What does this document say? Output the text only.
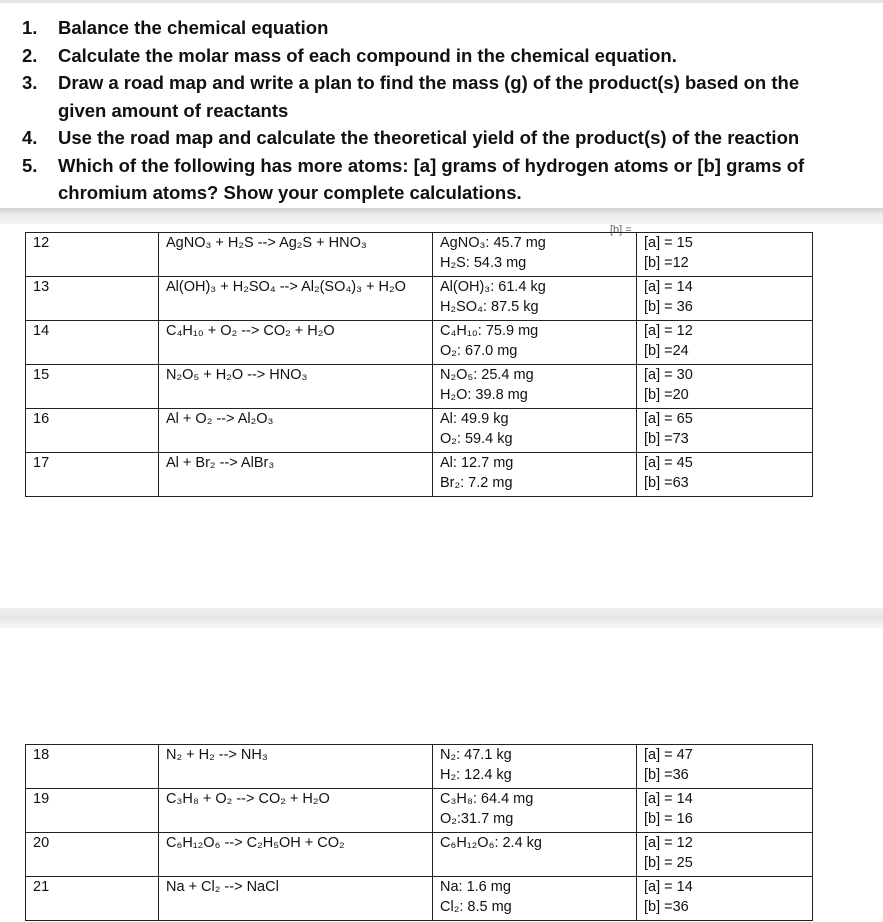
1.	Balance the chemical equation
2.	Calculate the molar mass of each compound in the chemical equation.
3.	Draw a road map and write a plan to find the mass (g) of the product(s) based on the given amount of reactants
4.	Use the road map and calculate the theoretical yield of the product(s) of the reaction
5.	Which of the following has more atoms: [a] grams of hydrogen atoms or [b] grams of chromium atoms? Show your complete calculations.
[b] =
12	AgNO₃ + H₂S --> Ag₂S + HNO₃	AgNO₃: 45.7 mg
H₂S: 54.3 mg	[a] = 15
[b] =12

13	Al(OH)₃ + H₂SO₄ --> Al₂(SO₄)₃ + H₂O	Al(OH)₃: 61.4 kg
H₂SO₄: 87.5 kg	[a] = 14
[b] = 36

14	C₄H₁₀ + O₂ --> CO₂ + H₂O	C₄H₁₀: 75.9 mg
O₂: 67.0 mg	[a] = 12
[b] =24

15	N₂O₅ + H₂O --> HNO₃	N₂O₅: 25.4 mg
H₂O: 39.8 mg	[a] = 30
[b] =20

16	Al + O₂ --> Al₂O₃	Al: 49.9 kg
O₂: 59.4 kg	[a] = 65
[b] =73

17	Al + Br₂ --> AlBr₃	Al: 12.7 mg
Br₂: 7.2 mg	[a] = 45
[b] =63
18	N₂ + H₂ --> NH₃	N₂: 47.1 kg
H₂: 12.4 kg	[a] = 47
[b] =36

19	C₃H₈ + O₂ --> CO₂ + H₂O	C₃H₈: 64.4 mg
O₂:31.7 mg	[a] = 14
[b] = 16

20	C₆H₁₂O₆ --> C₂H₅OH + CO₂	C₆H₁₂O₆: 2.4 kg	[a] = 12
[b] = 25

21	Na + Cl₂ --> NaCl	Na: 1.6 mg
Cl₂: 8.5 mg	[a] = 14
[b] =36
